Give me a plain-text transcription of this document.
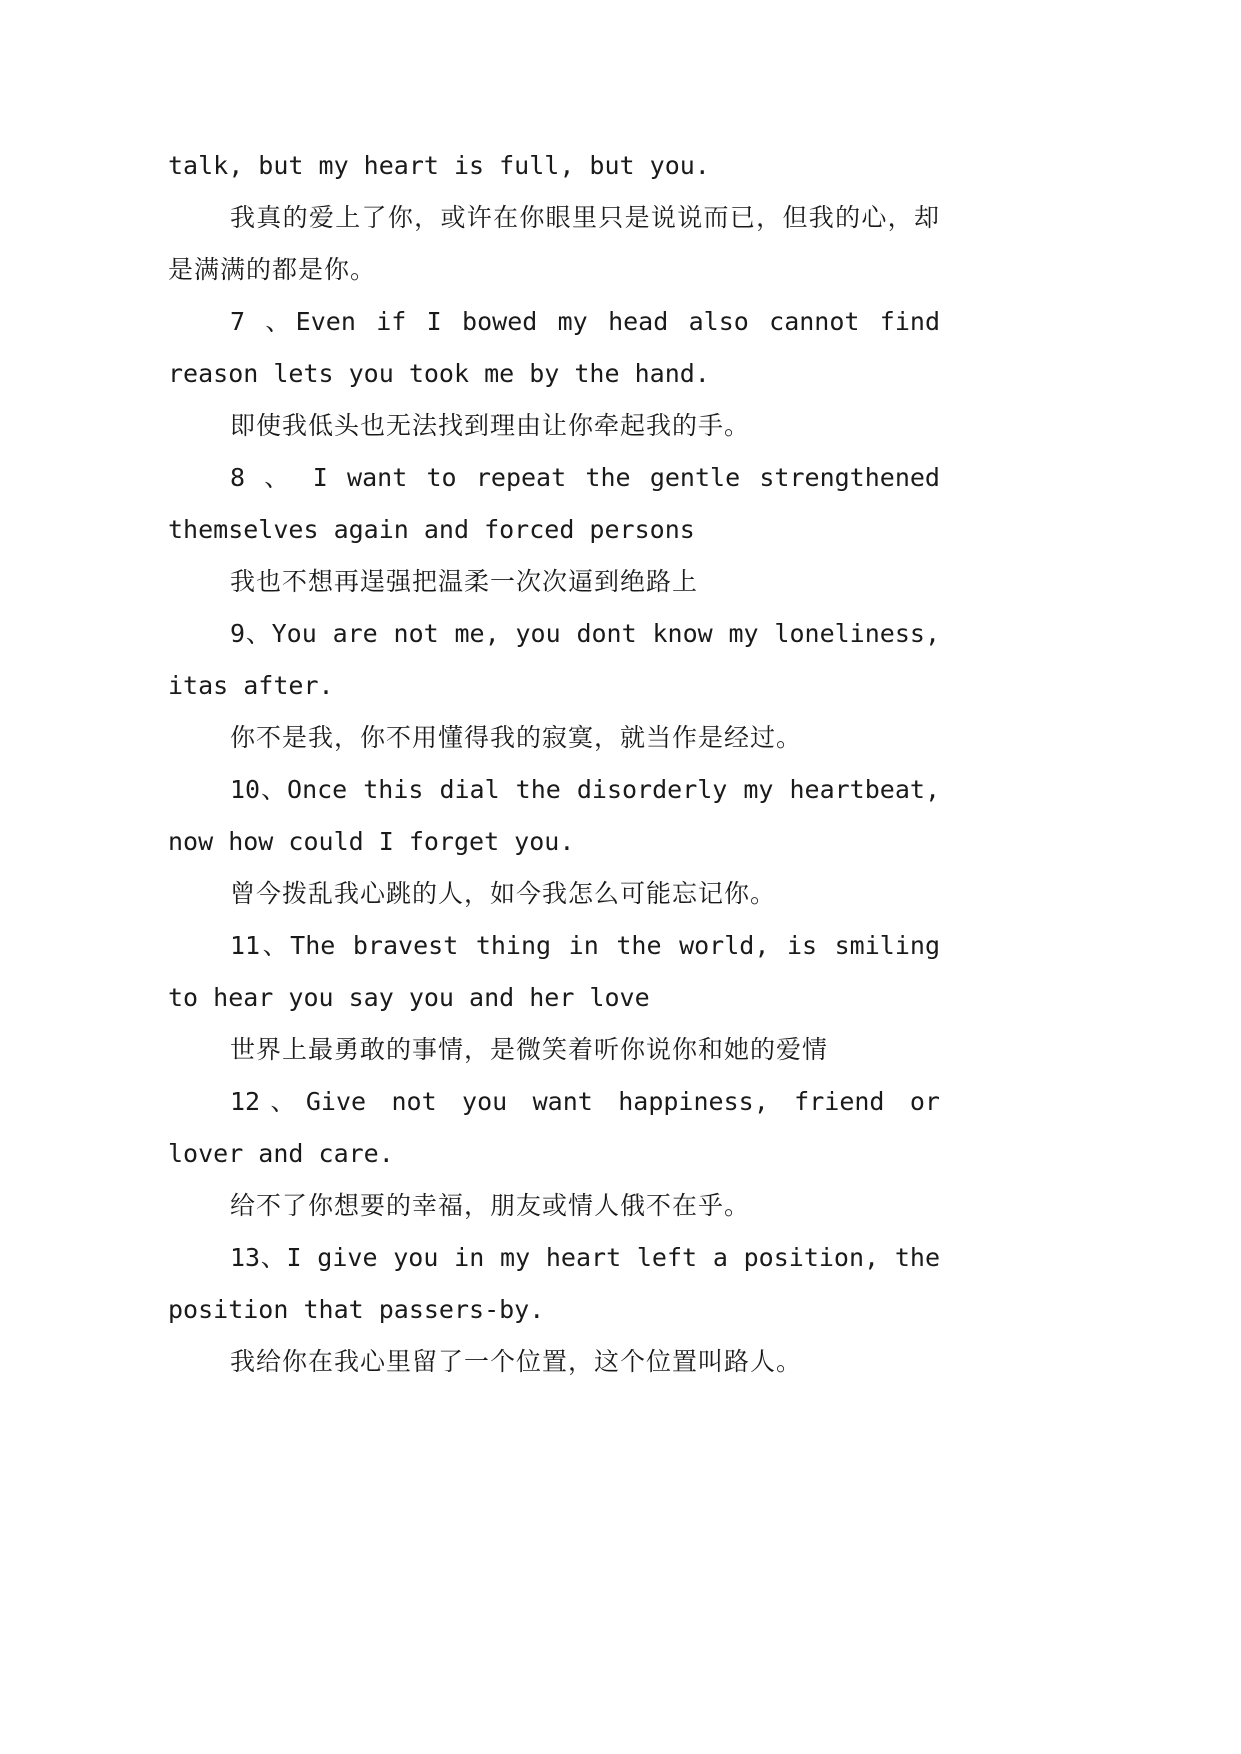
talk, but my heart is full, but you.

我真的爱上了你，或许在你眼里只是说说而已，但我的心，却是满满的都是你。

7 、Even if I bowed my head also cannot find reason lets you took me by the hand.

即使我低头也无法找到理由让你牵起我的手。

8 、 I want to repeat the gentle strengthened themselves again and forced persons

我也不想再逞强把温柔一次次逼到绝路上

9、You are not me, you dont know my loneliness, itas after.

你不是我，你不用懂得我的寂寞，就当作是经过。

10、Once this dial the disorderly my heartbeat, now how could I forget you.

曾今拨乱我心跳的人，如今我怎么可能忘记你。

11、The bravest thing in the world, is smiling to hear you say you and her love

世界上最勇敢的事情，是微笑着听你说你和她的爱情

12、Give not you want happiness, friend or lover and care.

给不了你想要的幸福，朋友或情人俄不在乎。

13、I give you in my heart left a position, the position that passers-by.

我给你在我心里留了一个位置，这个位置叫路人。
